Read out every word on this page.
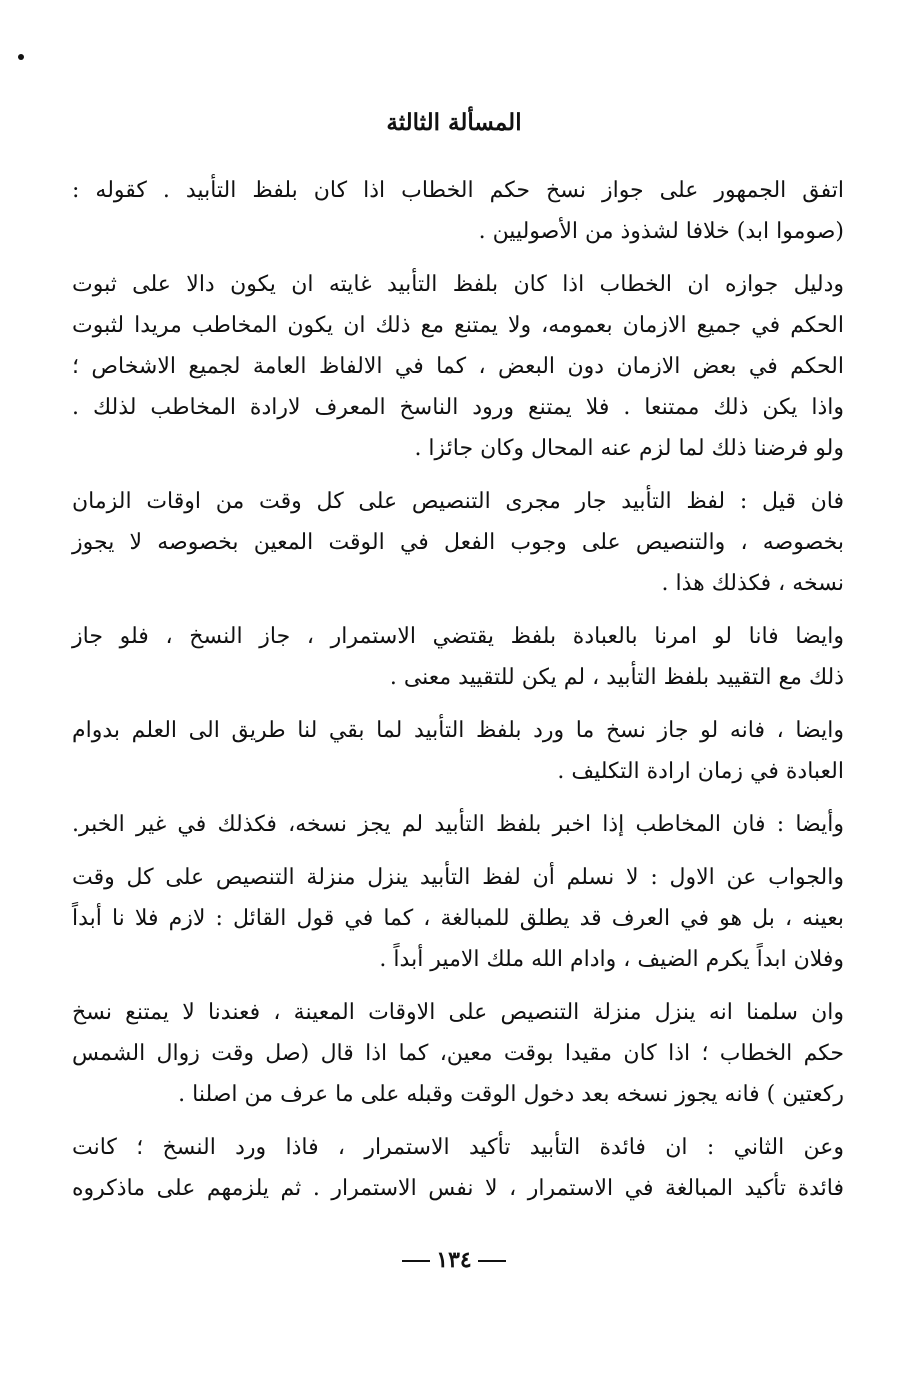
المسألة الثالثة
اتفق الجمهور على جواز نسخ حكم الخطاب اذا كان بلفظ التأبيد . كقوله :
(صوموا ابد) خلافا لشذوذ من الأصوليين .
ودليل جوازه ان الخطاب اذا كان بلفظ التأبيد غايته ان يكون دالا على ثبوت
الحكم في جميع الازمان بعمومه، ولا يمتنع مع ذلك ان يكون المخاطب مريدا لثبوت
الحكم في بعض الازمان دون البعض ، كما في الالفاظ العامة لجميع الاشخاص ؛
واذا يكن ذلك ممتنعا . فلا يمتنع ورود الناسخ المعرف لارادة المخاطب لذلك .
ولو فرضنا ذلك لما لزم عنه المحال وكان جائزا .
فان قيل : لفظ التأبيد جار مجرى التنصيص على كل وقت من اوقات الزمان
بخصوصه ، والتنصيص على وجوب الفعل في الوقت المعين بخصوصه لا يجوز
نسخه ، فكذلك هذا .
وايضا فانا لو امرنا بالعبادة بلفظ يقتضي الاستمرار ، جاز النسخ ، فلو جاز
ذلك مع التقييد بلفظ التأبيد ، لم يكن للتقييد معنى .
وايضا ، فانه لو جاز نسخ ما ورد بلفظ التأبيد لما بقي لنا طريق الى العلم بدوام
العبادة في زمان ارادة التكليف .
وأيضا : فان المخاطب إذا اخبر بلفظ التأبيد لم يجز نسخه، فكذلك في غير الخبر.
والجواب عن الاول : لا نسلم أن لفظ التأبيد ينزل منزلة التنصيص على كل وقت
بعينه ، بل هو في العرف قد يطلق للمبالغة ، كما في قول القائل : لازم فلا نا أبداً
وفلان ابداً يكرم الضيف ، وادام الله ملك الامير أبداً .
وان سلمنا انه ينزل منزلة التنصيص على الاوقات المعينة ، فعندنا لا يمتنع نسخ
حكم الخطاب ؛ اذا كان مقيدا بوقت معين، كما اذا قال (صل وقت زوال الشمس
ركعتين ) فانه يجوز نسخه بعد دخول الوقت وقبله على ما عرف من اصلنا .
وعن الثاني : ان فائدة التأبيد تأكيد الاستمرار ، فاذا ورد النسخ ؛ كانت
فائدة تأكيد المبالغة في الاستمرار ، لا نفس الاستمرار . ثم يلزمهم على ماذكروه
١٣٤
